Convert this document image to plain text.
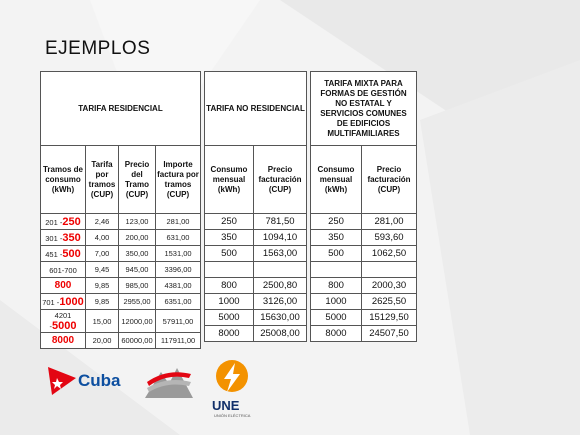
EJEMPLOS
TARIFA RESIDENCIAL			
Tramos de consumo (kWh)	Tarifa por tramos (CUP)	Precio del Tramo (CUP)	Importe factura por tramos (CUP)
201 -250	2,46	123,00	281,00
301 -350	4,00	200,00	631,00
451 -500	7,00	350,00	1531,00
601-700	9,45	945,00	3396,00
800	9,85	985,00	4381,00
701 -1000	9,85	2955,00	6351,00
4201 -5000	15,00	12000,00	57911,00
8000	20,00	60000,00	117911,00
TARIFA NO RESIDENCIAL	
Consumo mensual (kWh)	Precio facturación (CUP)
250	781,50
350	1094,10
500	1563,00

800	2500,80
1000	3126,00
5000	15630,00
8000	25008,00
TARIFA MIXTA PARA FORMAS DE GESTIÓN NO ESTATAL Y SERVICIOS COMUNES DE EDIFICIOS MULTIFAMILIARES	
Consumo mensual (kWh)	Precio facturación (CUP)
250	281,00
350	593,60
500	1062,50

800	2000,30
1000	2625,50
5000	15129,50
8000	24507,50
Cuba
UNE
UNIÓN ELÉCTRICA
